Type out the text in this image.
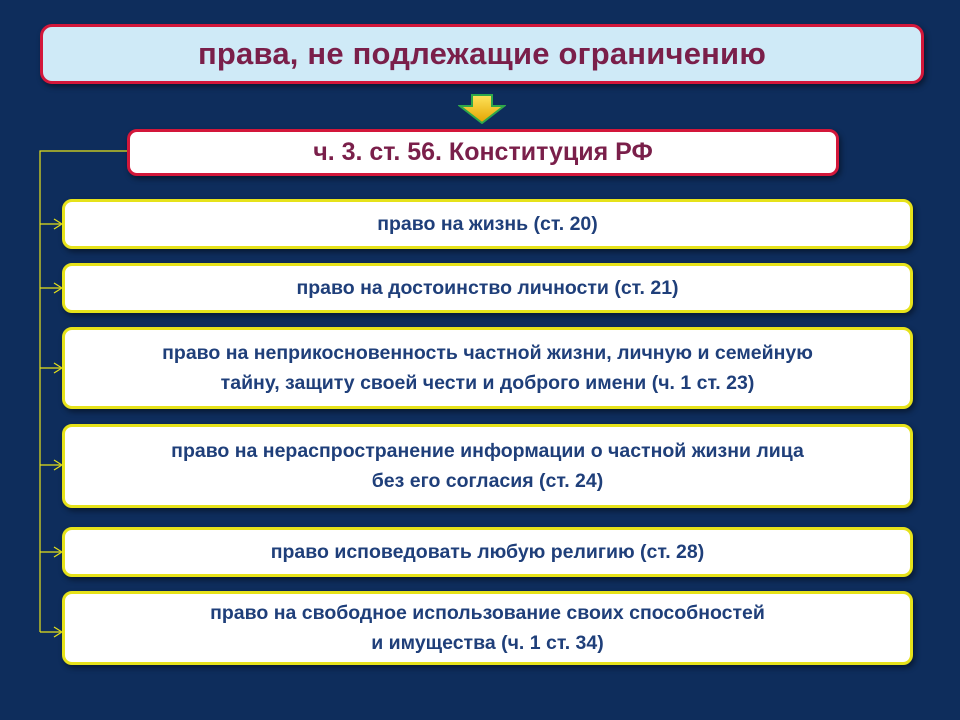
права, не подлежащие ограничению
ч. 3. ст. 56. Конституция РФ
право на жизнь (ст. 20)
право на достоинство личности (ст. 21)
право на неприкосновенность частной жизни, личную и семейную
тайну, защиту своей чести и доброго имени (ч. 1 ст. 23)
право на нераспространение информации о частной жизни лица
без его согласия (ст. 24)
право исповедовать любую религию (ст. 28)
право на свободное использование своих способностей
и имущества (ч. 1 ст. 34)
